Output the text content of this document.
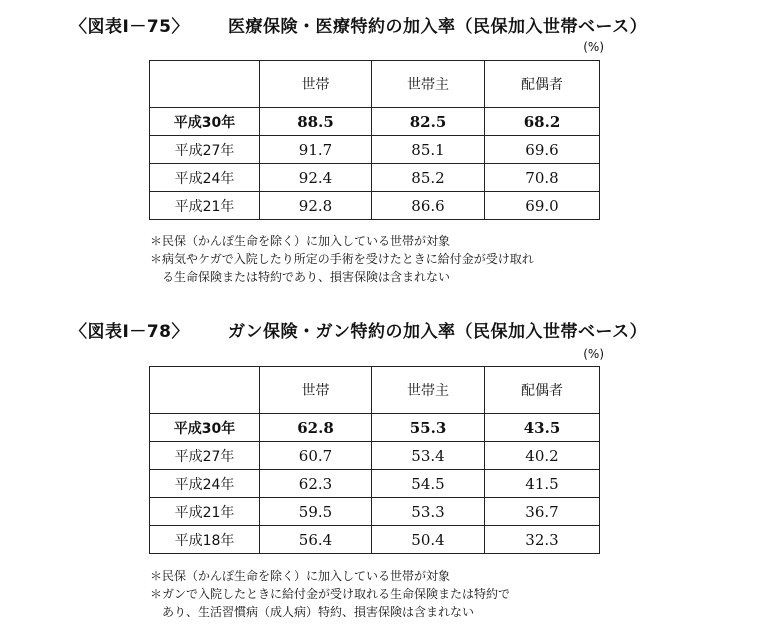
〈図表Ⅰ－75〉 医療保険・医療特約の加入率（民保加入世帯ベース）
(%)
	世帯	世帯主	配偶者
平成30年	88.5	82.5	68.2
平成27年	91.7	85.1	69.6
平成24年	92.4	85.2	70.8
平成21年	92.8	86.6	69.0
＊民保（かんぽ生命を除く）に加入している世帯が対象
＊病気やケガで入院したり所定の手術を受けたときに給付金が受け取れ
る生命保険または特約であり、損害保険は含まれない
〈図表Ⅰ－78〉 ガン保険・ガン特約の加入率（民保加入世帯ベース）
(%)
	世帯	世帯主	配偶者
平成30年	62.8	55.3	43.5
平成27年	60.7	53.4	40.2
平成24年	62.3	54.5	41.5
平成21年	59.5	53.3	36.7
平成18年	56.4	50.4	32.3
＊民保（かんぽ生命を除く）に加入している世帯が対象
＊ガンで入院したときに給付金が受け取れる生命保険または特約で
あり、生活習慣病（成人病）特約、損害保険は含まれない
